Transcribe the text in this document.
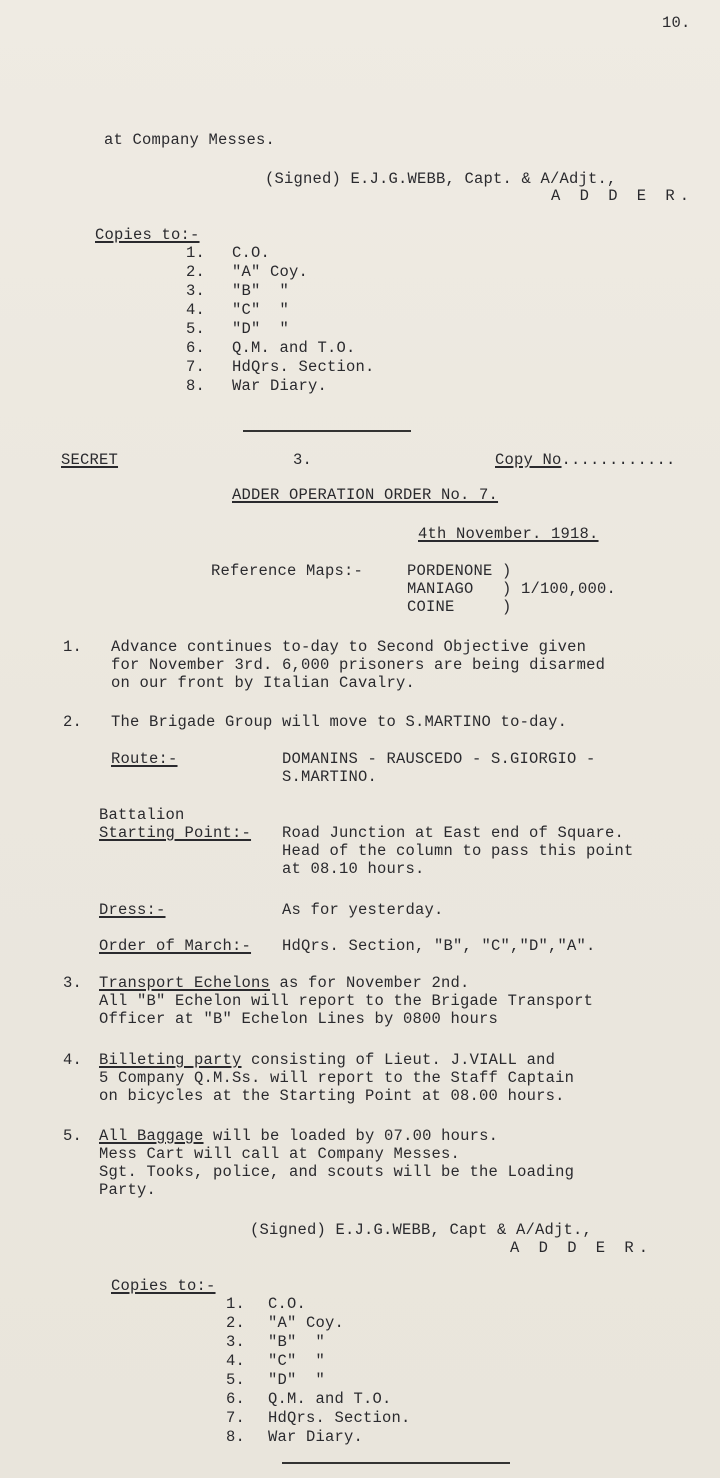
10.
at Company Messes.
(Signed) E.J.G.WEBB, Capt. & A/Adjt.,
A D D E R.
Copies to:-
1. C.O.
2. "A" Coy.
3. "B"  "
4. "C"  "
5. "D"  "
6. Q.M. and T.O.
7. HdQrs. Section.
8. War Diary.
SECRET	3.	Copy No............
ADDER OPERATION ORDER No. 7.
4th November. 1918.
Reference Maps:-	PORDENONE )
MANIAGO   ) 1/100,000.
COINE     )
1. Advance continues to-day to Second Objective given
for November 3rd. 6,000 prisoners are being disarmed
on our front by Italian Cavalry.
2. The Brigade Group will move to S.MARTINO to-day.
Route:-	DOMANINS - RAUSCEDO - S.GIORGIO -
S.MARTINO.
Battalion
Starting Point:- Road Junction at East end of Square.
Head of the column to pass this point
at 08.10 hours.
Dress:-	As for yesterday.
Order of March:- HdQrs. Section, "B", "C","D","A".
3. Transport Echelons as for November 2nd.
All "B" Echelon will report to the Brigade Transport
Officer at "B" Echelon Lines by 0800 hours
4. Billeting party consisting of Lieut. J.VIALL and
5 Company Q.M.Ss. will report to the Staff Captain
on bicycles at the Starting Point at 08.00 hours.
5. All Baggage will be loaded by 07.00 hours.
Mess Cart will call at Company Messes.
Sgt. Tooks, police, and scouts will be the Loading
Party.
(Signed) E.J.G.WEBB, Capt & A/Adjt.,
A D D E R.
Copies to:-
1. C.O.
2. "A" Coy.
3. "B"  "
4. "C"  "
5. "D"  "
6. Q.M. and T.O.
7. HdQrs. Section.
8. War Diary.
